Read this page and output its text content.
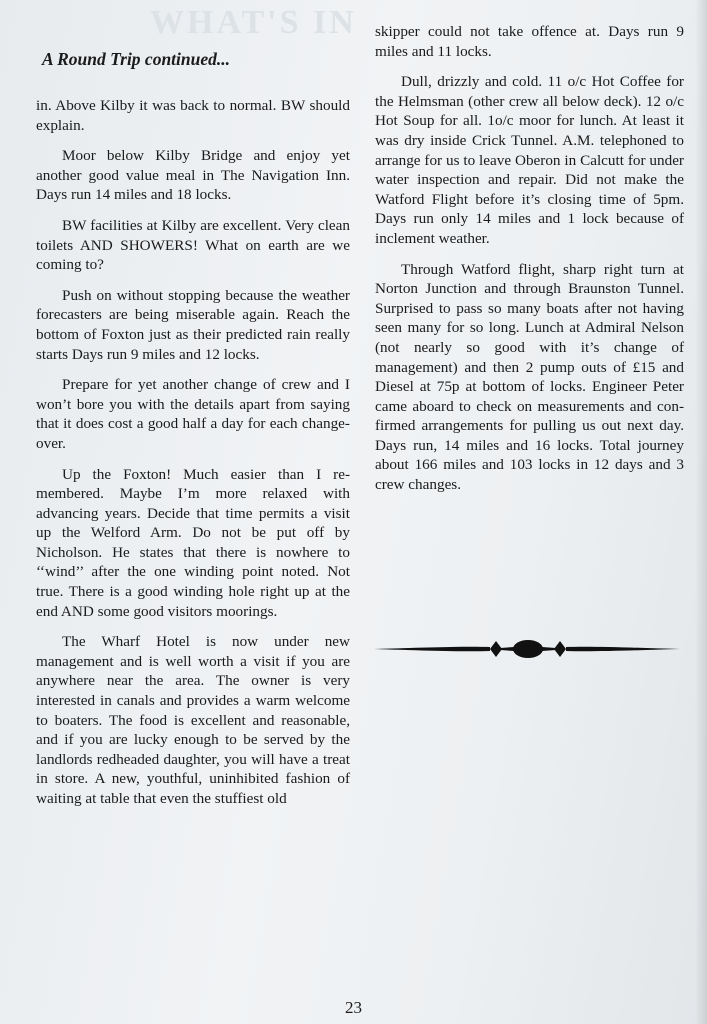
WHAT'S IN
A Round Trip continued...

in. Above Kilby it was back to normal. BW should explain.

Moor below Kilby Bridge and enjoy yet another good value meal in The Navigation Inn. Days run 14 miles and 18 locks.

BW facilities at Kilby are excellent. Very clean toilets AND SHOWERS! What on earth are we coming to?

Push on without stopping because the weather forecasters are being miserable again. Reach the bottom of Foxton just as their predicted rain really starts Days run 9 miles and 12 locks.

Prepare for yet another change of crew and I won’t bore you with the details apart from saying that it does cost a good half a day for each change-over.

Up the Foxton! Much easier than I remembered. Maybe I’m more relaxed with advancing years. Decide that time permits a visit up the Welford Arm. Do not be put off by Nicholson. He states that there is nowhere to ‘‘wind’’ after the one winding point noted. Not true. There is a good winding hole right up at the end AND some good visitors moorings.

The Wharf Hotel is now under new management and is well worth a visit if you are anywhere near the area. The owner is very interested in canals and provides a warm welcome to boaters. The food is excellent and reasonable, and if you are lucky enough to be served by the landlords redheaded daughter, you will have a treat in store. A new, youthful, uninhibited fashion of waiting at table that even the stuffiest old

skipper could not take offence at. Days run 9 miles and 11 locks.

Dull, drizzly and cold. 11 o/c Hot Coffee for the Helmsman (other crew all below deck). 12 o/c Hot Soup for all. 1o/c moor for lunch. At least it was dry inside Crick Tunnel. A.M. telephoned to arrange for us to leave Oberon in Calcutt for under water inspection and repair. Did not make the Watford Flight before it’s closing time of 5pm. Days run only 14 miles and 1 lock because of inclement weather.

Through Watford flight, sharp right turn at Norton Junction and through Braunston Tunnel. Surprised to pass so many boats after not having seen many for so long. Lunch at Admiral Nelson (not nearly so good with it’s change of management) and then 2 pump outs of £15 and Diesel at 75p at bottom of locks. Engineer Peter came aboard to check on measurements and confirmed arrangements for pulling us out next day. Days run, 14 miles and 16 locks. Total journey about 166 miles and 103 locks in 12 days and 3 crew changes.

23
